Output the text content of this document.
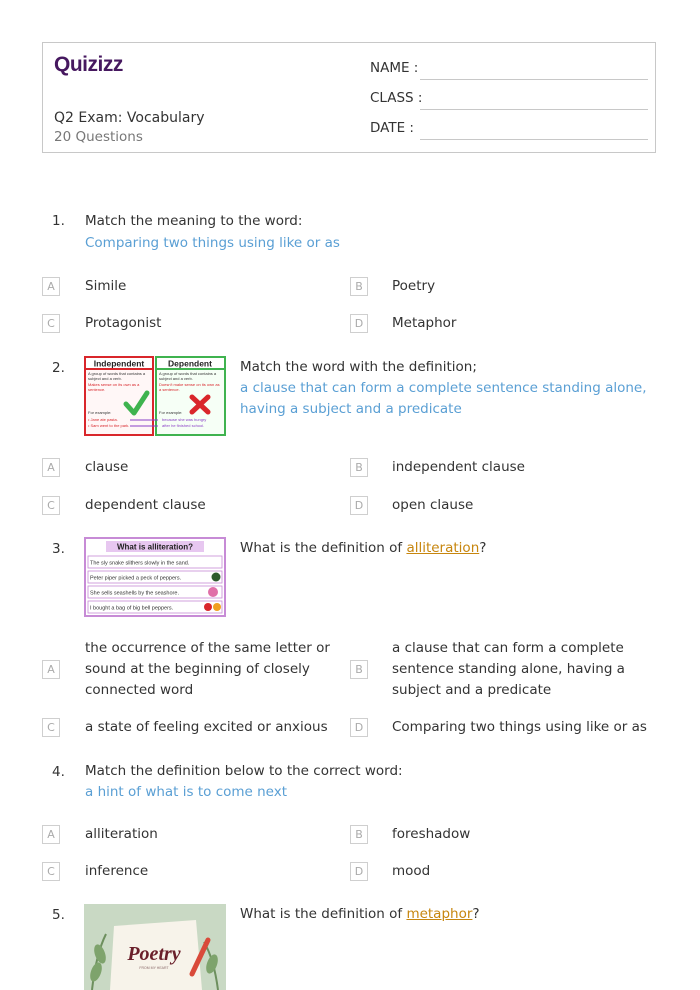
Quizizz
Q2 Exam: Vocabulary
20 Questions
NAME :
CLASS :
DATE :
1. Match the meaning to the word:
Comparing two things using like or as
A	Simile	B	Poetry
C	Protagonist	D	Metaphor
2.	Independent	Dependent
A group of words that contains a subject and a verb.
Makes sense on its own as a sentence.
A group of words that contains a subject and a verb.
Doesn't make sense on its own as a sentence.
For example:
• Jane ate pasta.
• Sam went to the park.
For example:
because she was hungry
after he finished school.
Match the word with the definition;
a clause that can form a complete sentence standing alone,
having a subject and a predicate
A	clause	B	independent clause
C	dependent clause	D	open clause
3.	What is alliteration?
The sly snake slithers slowly in the sand.
Peter piper picked a peck of peppers.
She sells seashells by the seashore.
I bought a bag of big bell peppers.
What is the definition of alliteration?
A
the occurrence of the same letter or
sound at the beginning of closely
connected word
B
a clause that can form a complete
sentence standing alone, having a
subject and a predicate
C	a state of feeling excited or anxious	D	Comparing two things using like or as
4. Match the definition below to the correct word:
a hint of what is to come next
A	alliteration	B	foreshadow
C	inference	D	mood
5.
Poetry
FROM MY HEART
What is the definition of metaphor?
